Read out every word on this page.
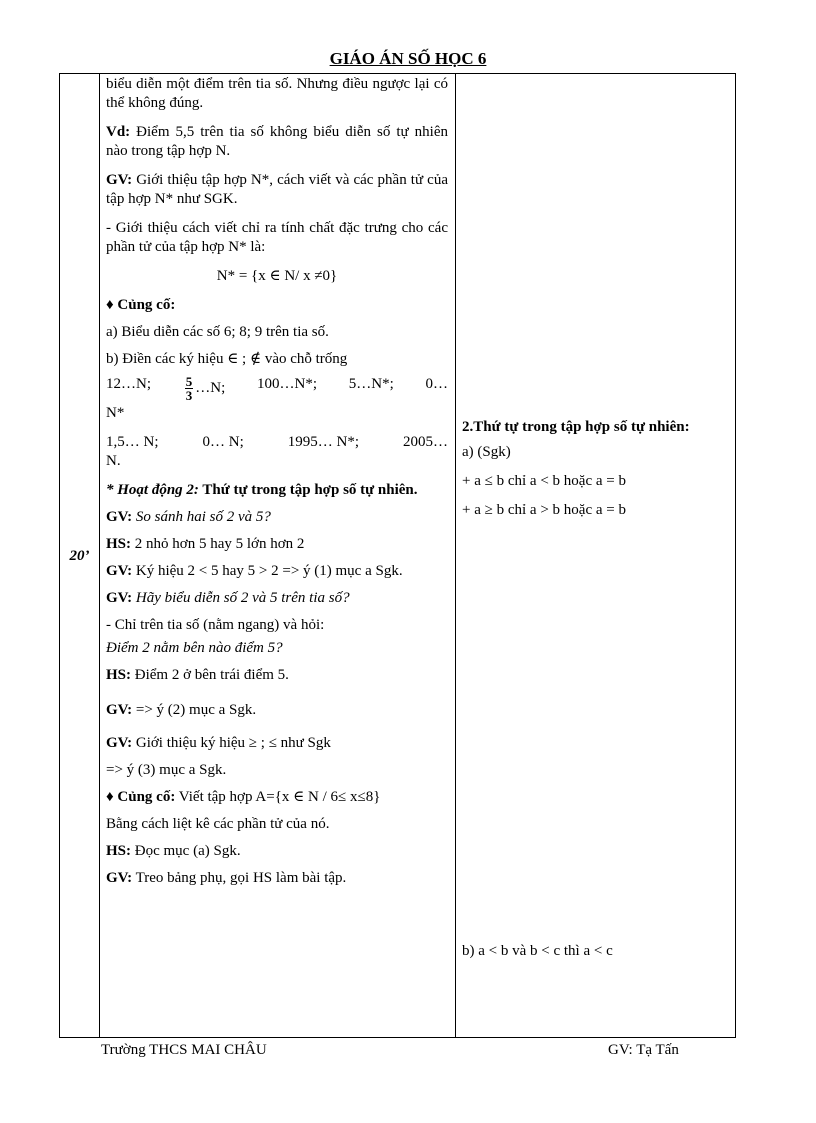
GIÁO ÁN SỐ HỌC 6
20’

biểu diễn một điểm trên tia số. Nhưng điều ngược lại có thể không đúng.

Vd: Điểm 5,5 trên tia số không biểu diễn số tự nhiên nào trong tập hợp N.

GV: Giới thiệu tập hợp N*, cách viết và các phần tử của tập hợp N* như SGK.

- Giới thiệu cách viết chỉ ra tính chất đặc trưng cho các phần tử của tập hợp N* là:

N* = {x ∈ N/ x ≠0}

♦ Củng cố:

a) Biểu diễn các số 6; 8; 9 trên tia số.

b) Điền các ký hiệu ∈ ; ∉ vào chỗ trống

12…N;	$\frac{5}{3}$ …N; 100…N*; 5…N*; 0…

N*

1,5… N;	0… N;	1995… N*;	2005…

N.

* Hoạt động 2: Thứ tự trong tập hợp số tự nhiên.

GV: So sánh hai số 2 và 5?

HS: 2 nhỏ hơn 5 hay 5 lớn hơn 2

GV: Ký hiệu 2 < 5 hay 5 > 2 => ý (1) mục a Sgk.

GV: Hãy biểu diễn số 2 và 5 trên tia số?

- Chỉ trên tia số (nằm ngang) và hỏi:

Điểm 2 nằm bên nào điểm 5?

HS: Điểm 2 ở bên trái điểm 5.

GV: => ý (2) mục a Sgk.

GV: Giới thiệu ký hiệu ≥ ; ≤ như Sgk

=> ý (3) mục a Sgk.

♦ Củng cố: Viết tập hợp A={x ∈ N / 6≤ x≤8}

Bằng cách liệt kê các phần tử của nó.

HS: Đọc mục (a) Sgk.

GV: Treo bảng phụ, gọi HS làm bài tập.

2.Thứ tự trong tập hợp số tự nhiên:

a) (Sgk)

+ a ≤ b chỉ a < b hoặc a = b

+ a ≥ b chỉ a > b hoặc a = b

b) a < b và b < c thì a < c

Trường THCS MAI CHÂU	GV: Tạ Tấn
